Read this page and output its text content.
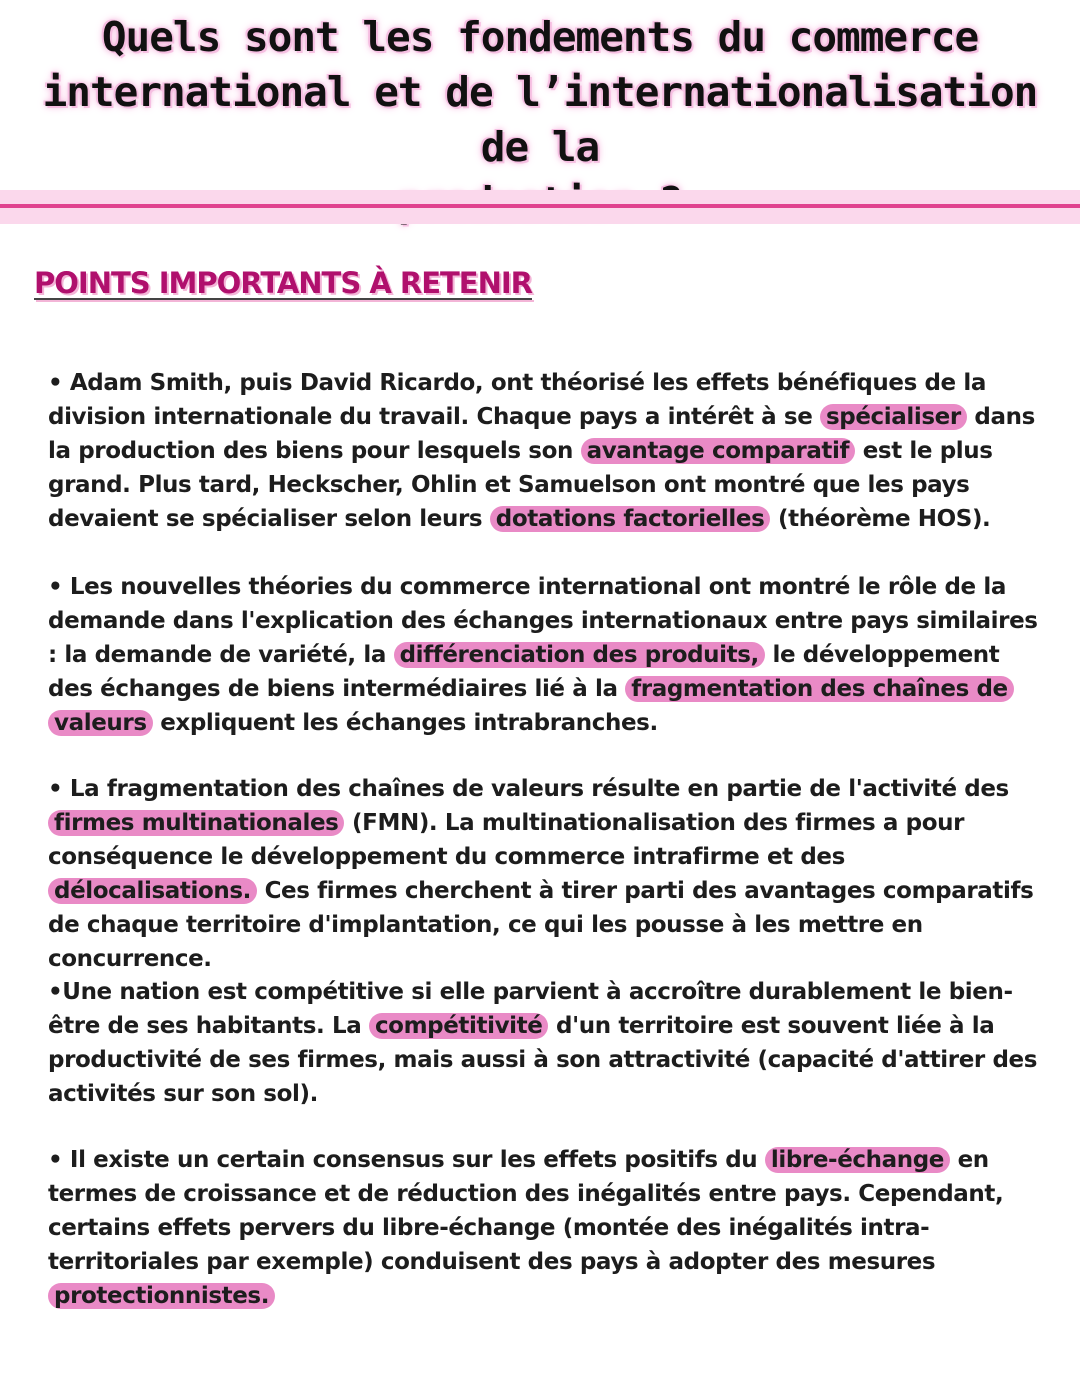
Quels sont les fondements du commerce
international et de l’internationalisation de la
POINTS IMPORTANTS À RETENIR

• Adam Smith, puis David Ricardo, ont théorisé les effets bénéfiques de la division internationale du travail. Chaque pays a intérêt à se spécialiser dans la production des biens pour lesquels son avantage comparatif est le plus grand. Plus tard, Heckscher, Ohlin et Samuelson ont montré que les pays devaient se spécialiser selon leurs dotations factorielles (théorème HOS).

• Les nouvelles théories du commerce international ont montré le rôle de la demande dans l'explication des échanges internationaux entre pays similaires : la demande de variété, la différenciation des produits, le développement des échanges de biens intermédiaires lié à la fragmentation des chaînes de valeurs expliquent les échanges intrabranches.

• La fragmentation des chaînes de valeurs résulte en partie de l'activité des firmes multinationales (FMN). La multinationalisation des firmes a pour conséquence le développement du commerce intrafirme et des délocalisations. Ces firmes cherchent à tirer parti des avantages comparatifs de chaque territoire d'implantation, ce qui les pousse à les mettre en concurrence.

•Une nation est compétitive si elle parvient à accroître durablement le bien-être de ses habitants. La compétitivité d'un territoire est souvent liée à la productivité de ses firmes, mais aussi à son attractivité (capacité d'attirer des activités sur son sol).

• Il existe un certain consensus sur les effets positifs du libre-échange en termes de croissance et de réduction des inégalités entre pays. Cependant, certains effets pervers du libre-échange (montée des inégalités intra-territoriales par exemple) conduisent des pays à adopter des mesures protectionnistes.
